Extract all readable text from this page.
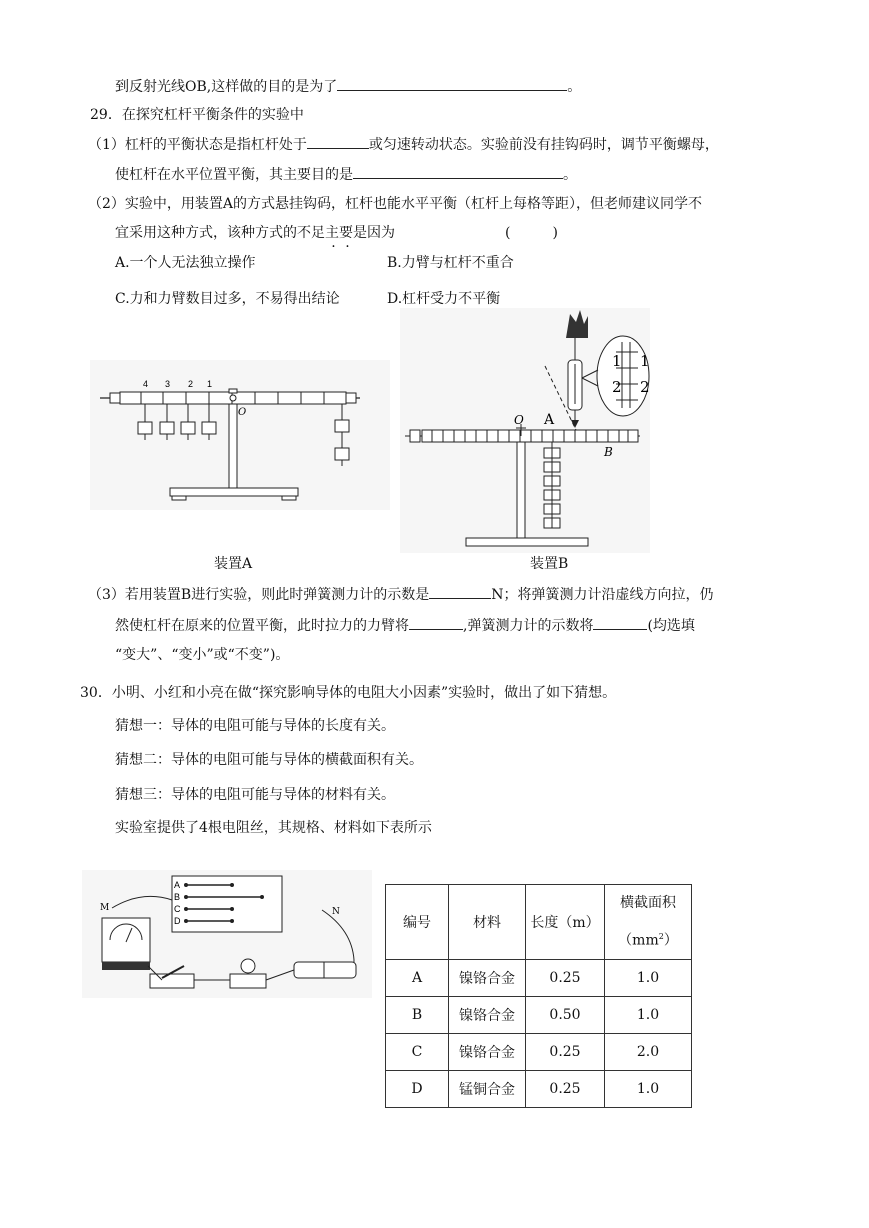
到反射光线OB,这样做的目的是为了	。
29．在探究杠杆平衡条件的实验中
（1）杠杆的平衡状态是指杠杆处于	或匀速转动状态。实验前没有挂钩码时，调节平衡螺母，
使杠杆在水平位置平衡，其主要目的是	。
（2）实验中，用装置A的方式悬挂钩码，杠杆也能水平平衡（杠杆上每格等距），但老师建议同学不
宜采用这种方式，该种方式的不足主要是因为	(　　　)
A.一个人无法独立操作	B.力臂与杠杆不重合
C.力和力臂数目过多，不易得出结论	D.杠杆受力不平衡
4 3 2 1
O
1 1
2 2
O A
B
装置A	装置B
（3）若用装置B进行实验，则此时弹簧测力计的示数是	N；将弹簧测力计沿虚线方向拉，仍
然使杠杆在原来的位置平衡，此时拉力的力臂将	,弹簧测力计的示数将	(均选填
“变大”、“变小”或“不变”)。
30．小明、小红和小亮在做“探究影响导体的电阻大小因素”实验时，做出了如下猜想。
猜想一：导体的电阻可能与导体的长度有关。
猜想二：导体的电阻可能与导体的横截面积有关。
猜想三：导体的电阻可能与导体的材料有关。
实验室提供了4根电阻丝，其规格、材料如下表所示
A
B
C
D
M	N
编号	材料	长度（m）	横截面积
$(mm^2)$
A	镍铬合金	0.25	1.0
B	镍铬合金	0.50	1.0
C	镍铬合金	0.25	2.0
D	锰铜合金	0.25	1.0
